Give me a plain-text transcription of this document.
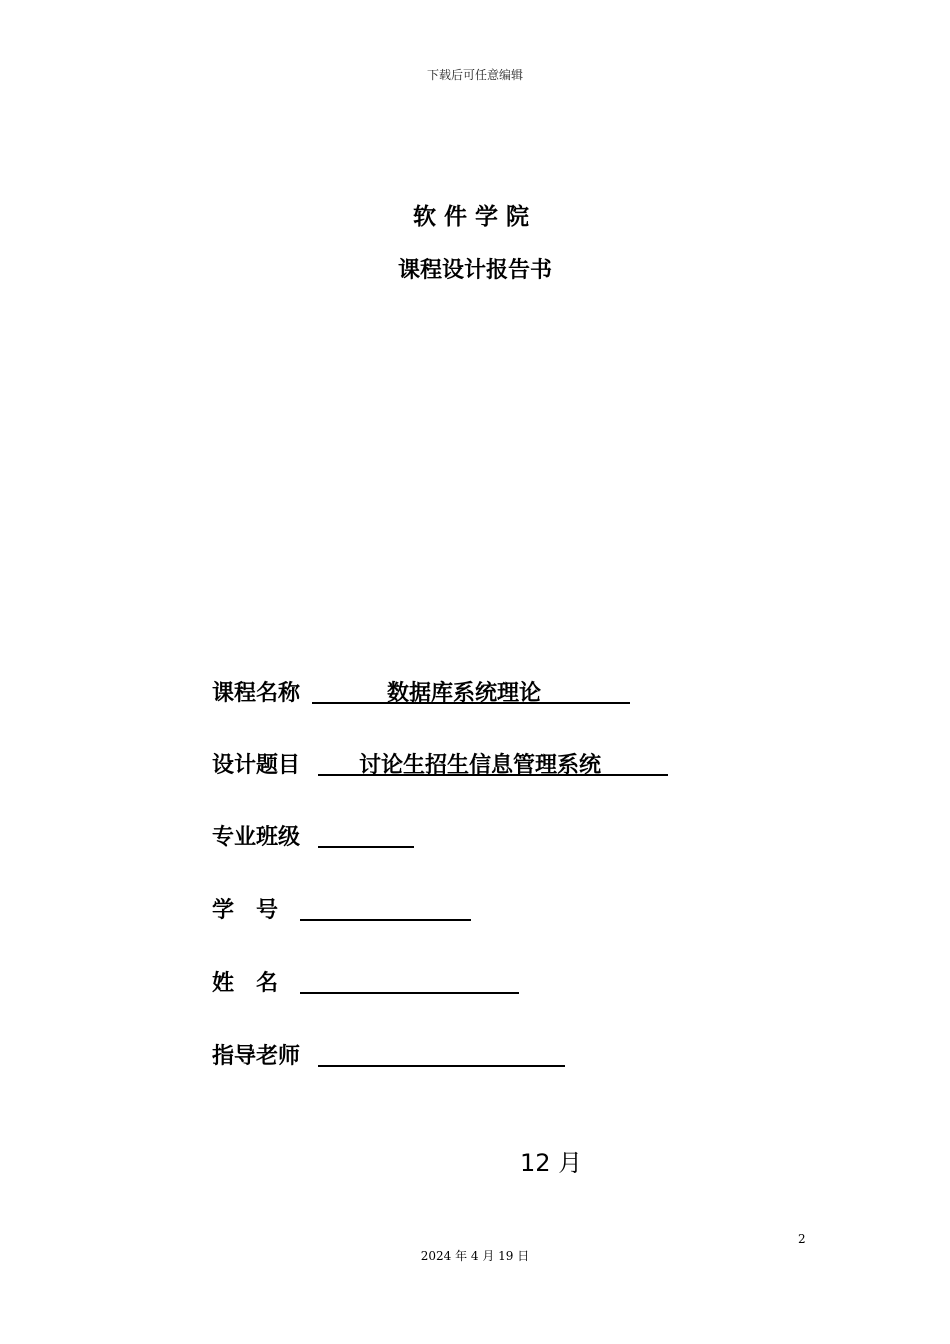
下载后可任意编辑
软件学院
课程设计报告书
课程名称	数据库系统理论
设计题目	讨论生招生信息管理系统
专业班级
学　号
姓　名
指导老师
12 月
2
2024 年 4 月 19 日
